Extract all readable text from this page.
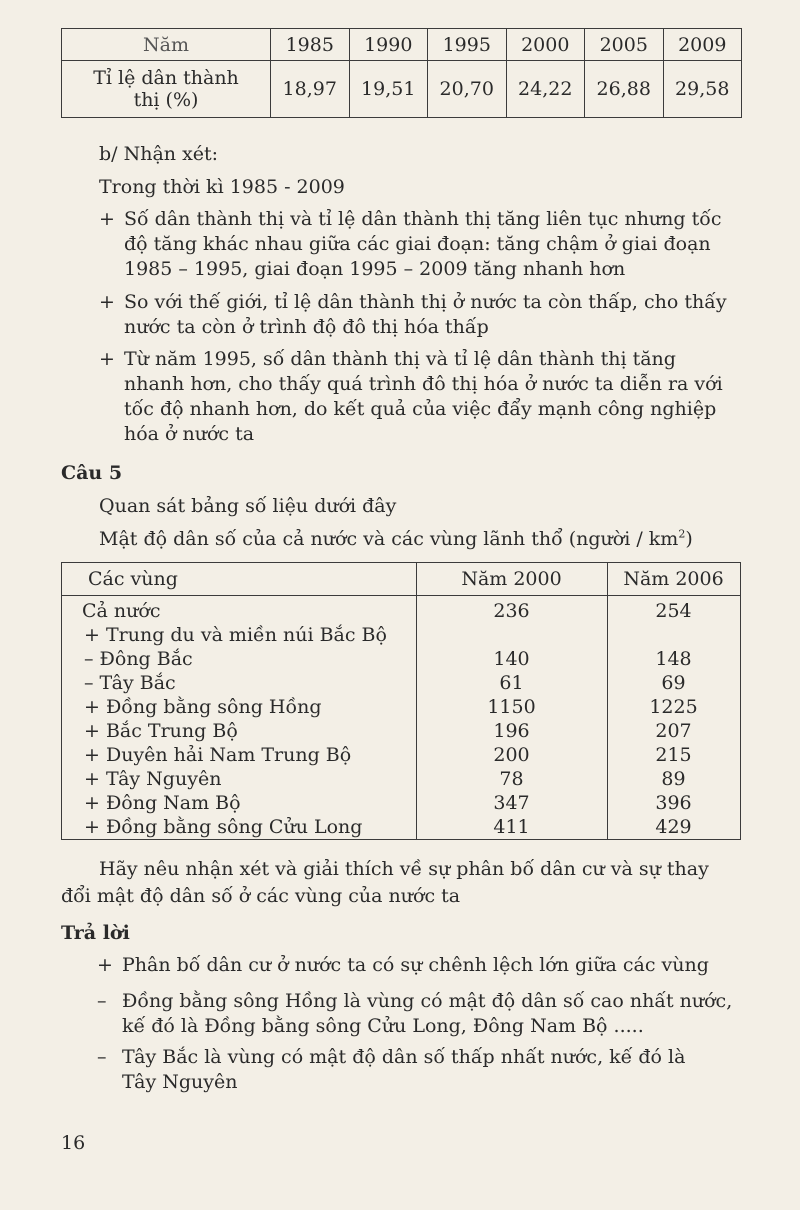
Năm	1985	1990	1995	2000	2005	2009

Tỉ lệ dân thành
thị (%)	18,97	19,51	20,70	24,22	26,88	29,58
b/ Nhận xét:
Trong thời kì 1985 - 2009
+ Số dân thành thị và tỉ lệ dân thành thị tăng liên tục nhưng tốc
độ tăng khác nhau giữa các giai đoạn: tăng chậm ở giai đoạn
1985 – 1995, giai đoạn 1995 – 2009 tăng nhanh hơn
+ So với thế giới, tỉ lệ dân thành thị ở nước ta còn thấp, cho thấy
nước ta còn ở trình độ đô thị hóa thấp
+ Từ năm 1995, số dân thành thị và tỉ lệ dân thành thị tăng
nhanh hơn, cho thấy quá trình đô thị hóa ở nước ta diễn ra với
tốc độ nhanh hơn, do kết quả của việc đẩy mạnh công nghiệp
hóa ở nước ta
Câu 5
Quan sát bảng số liệu dưới đây
Mật độ dân số của cả nước và các vùng lãnh thổ (người / $km^2$)
Các vùng	Năm 2000	Năm 2006
Cả nước	236	254
+ Trung du và miền núi Bắc Bộ
– Đông Bắc	140	148
– Tây Bắc	61	69
+ Đồng bằng sông Hồng	1150	1225
+ Bắc Trung Bộ	196	207
+ Duyên hải Nam Trung Bộ	200	215
+ Tây Nguyên	78	89
+ Đông Nam Bộ	347	396
+ Đồng bằng sông Cửu Long	411	429
Hãy nêu nhận xét và giải thích về sự phân bố dân cư và sự thay
đổi mật độ dân số ở các vùng của nước ta
Trả lời
+ Phân bố dân cư ở nước ta có sự chênh lệch lớn giữa các vùng
– Đồng bằng sông Hồng là vùng có mật độ dân số cao nhất nước,
kế đó là Đồng bằng sông Cửu Long, Đông Nam Bộ .....
– Tây Bắc là vùng có mật độ dân số thấp nhất nước, kế đó là
Tây Nguyên
16
